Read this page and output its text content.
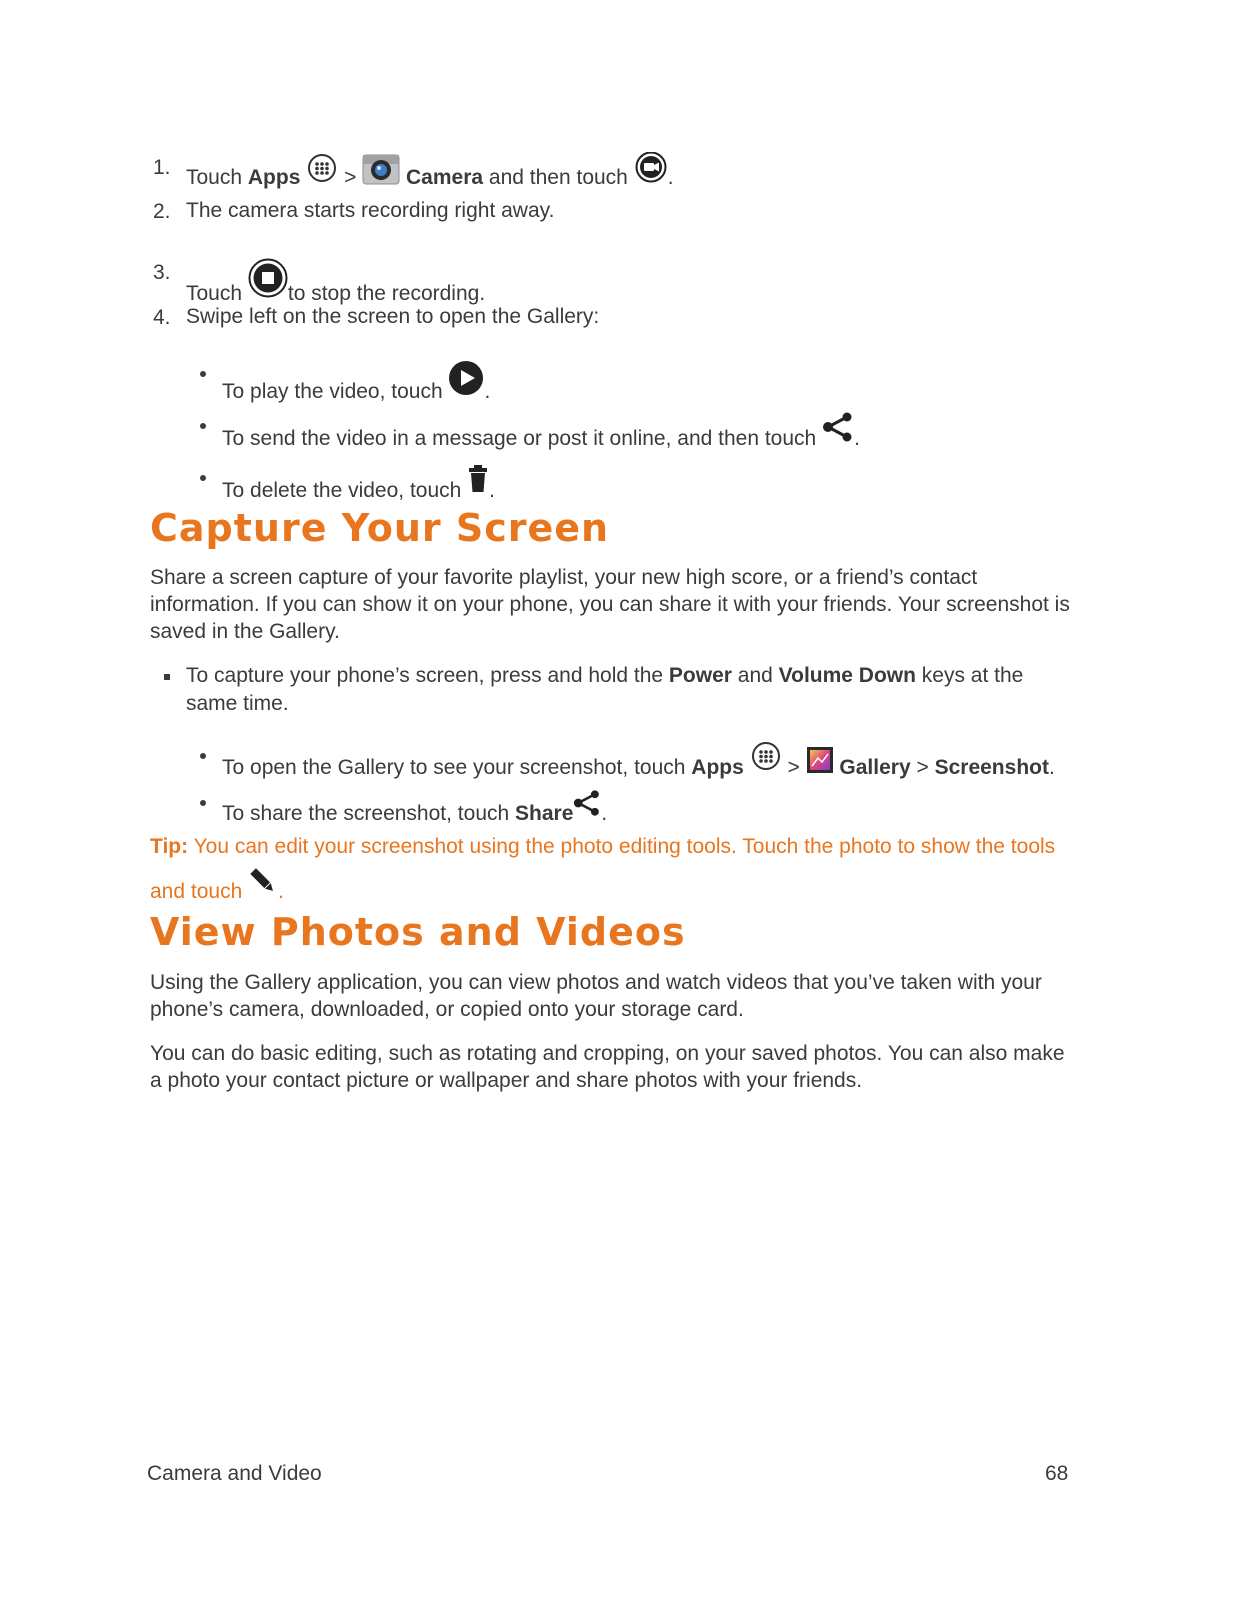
1. Touch Apps > Camera and then touch .
2. The camera starts recording right away.
3.
Touch
to stop the recording.
4. Swipe left on the screen to open the Gallery:
To play the video, touch
.
To send the video in a message or post it online, and then touch
.
To delete the video, touch
.
Capture Your Screen
Share a screen capture of your favorite playlist, your new high score, or a friend’s contact information. If you can show it on your phone, you can share it with your friends. Your screenshot is saved in the Gallery.
To capture your phone’s screen, press and hold the Power and Volume Down keys at the
same time.
To open the Gallery to see your screenshot, touch Apps > Gallery > Screenshot.
To share the screenshot, touch Share .
Tip: You can edit your screenshot using the photo editing tools. Touch the photo to show the tools
and touch
.
View Photos and Videos
Using the Gallery application, you can view photos and watch videos that you’ve taken with your phone’s camera, downloaded, or copied onto your storage card.
You can do basic editing, such as rotating and cropping, on your saved photos. You can also make a photo your contact picture or wallpaper and share photos with your friends.
Camera and Video	68
